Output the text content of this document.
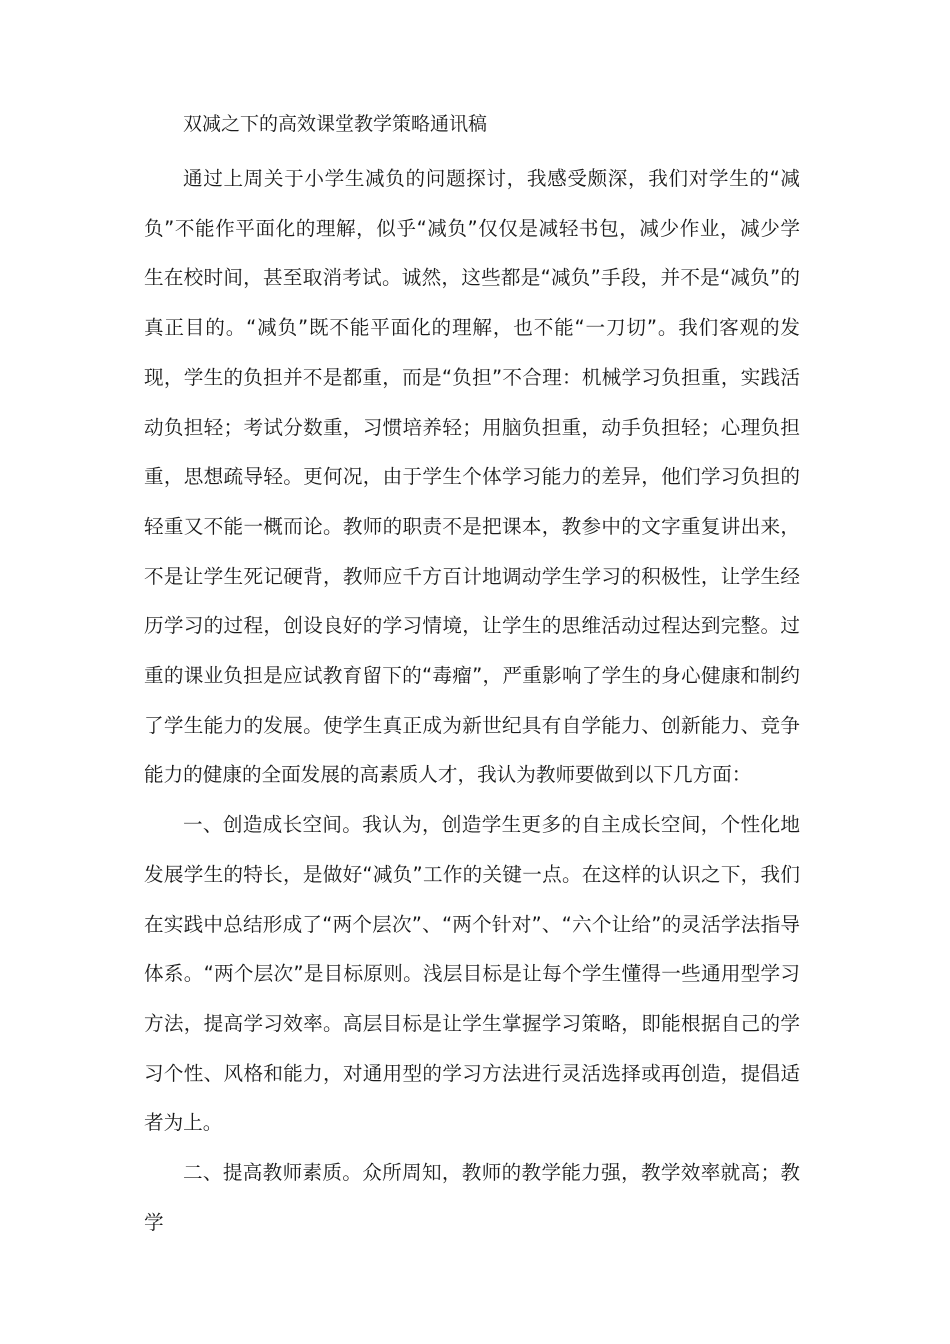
双减之下的高效课堂教学策略通讯稿

通过上周关于小学生减负的问题探讨，我感受颇深，我们对学生的“减负”不能作平面化的理解，似乎“减负”仅仅是减轻书包，减少作业，减少学生在校时间，甚至取消考试。诚然，这些都是“减负”手段，并不是“减负”的真正目的。“减负”既不能平面化的理解，也不能“一刀切”。我们客观的发现，学生的负担并不是都重，而是“负担”不合理：机械学习负担重，实践活动负担轻；考试分数重，习惯培养轻；用脑负担重，动手负担轻；心理负担重，思想疏导轻。更何况，由于学生个体学习能力的差异，他们学习负担的轻重又不能一概而论。教师的职责不是把课本，教参中的文字重复讲出来，不是让学生死记硬背，教师应千方百计地调动学生学习的积极性，让学生经历学习的过程，创设良好的学习情境，让学生的思维活动过程达到完整。过重的课业负担是应试教育留下的“毒瘤”，严重影响了学生的身心健康和制约了学生能力的发展。使学生真正成为新世纪具有自学能力、创新能力、竞争能力的健康的全面发展的高素质人才，我认为教师要做到以下几方面：

一、创造成长空间。我认为，创造学生更多的自主成长空间，个性化地发展学生的特长，是做好“减负”工作的关键一点。在这样的认识之下，我们在实践中总结形成了“两个层次”、“两个针对”、“六个让给”的灵活学法指导体系。“两个层次”是目标原则。浅层目标是让每个学生懂得一些通用型学习方法，提高学习效率。高层目标是让学生掌握学习策略，即能根据自己的学习个性、风格和能力，对通用型的学习方法进行灵活选择或再创造，提倡适者为上。

二、提高教师素质。众所周知，教师的教学能力强，教学效率就高；教学
